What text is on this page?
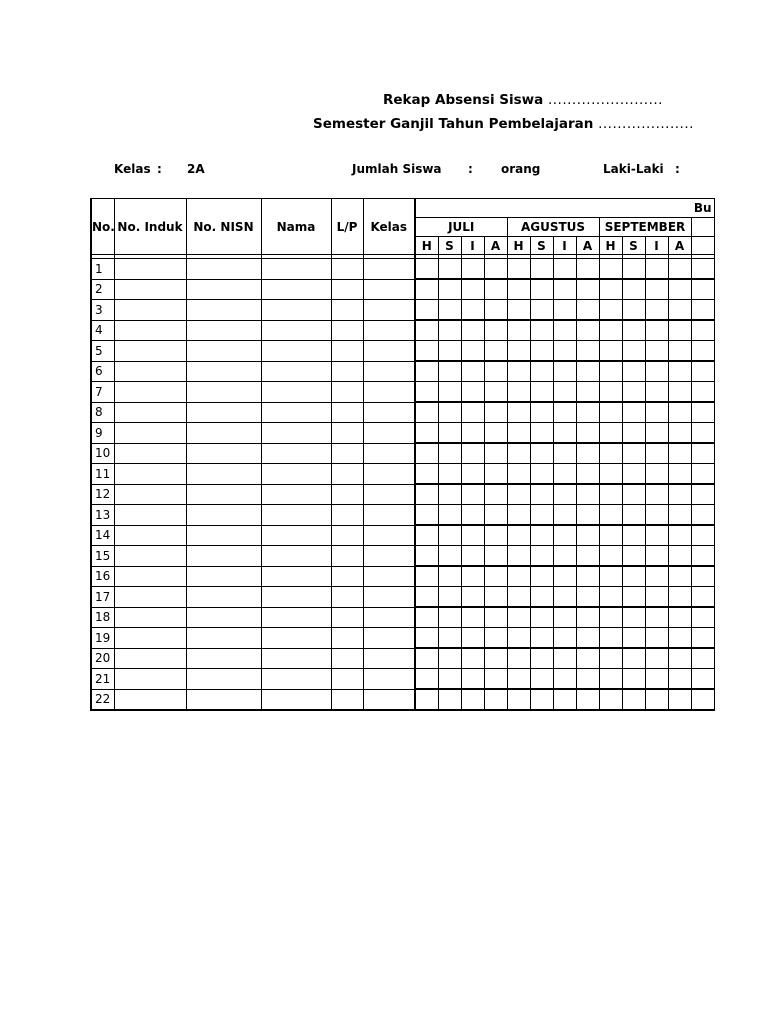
Rekap Absensi Siswa ........................
Semester Ganjil Tahun Pembelajaran ....................
Kelas : 2A	Jumlah Siswa : orang	Laki-Laki :
No.	No. Induk	No. NISN	Nama	L/P	Kelas	Bu												
						JULI				AGUSTUS				SEPTEMBER				
						H	S	I	A	H	S	I	A	H	S	I	A	

1																		
2																		
3																		
4																		
5																		
6																		
7																		
8																		
9																		
10																		
11																		
12																		
13																		
14																		
15																		
16																		
17																		
18																		
19																		
20																		
21																		
22																		
